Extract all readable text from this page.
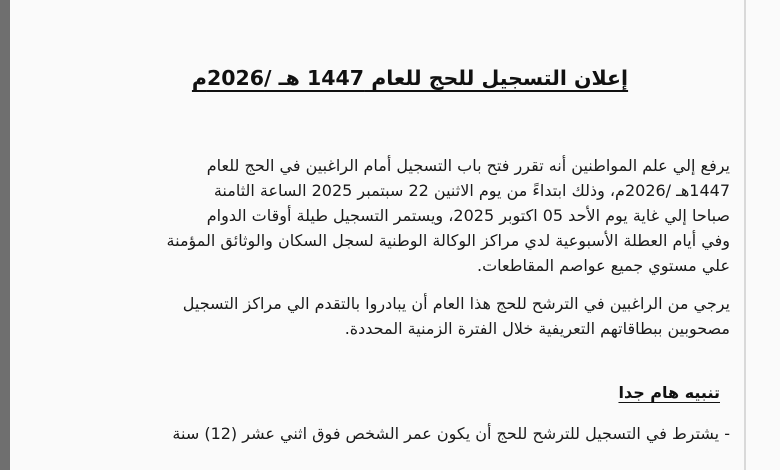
إعلان التسجيل للحج للعام 1447 هـ /2026م
يرفع إلي علم المواطنين أنه تقرر فتح باب التسجيل أمام الراغبين في الحج للعام
1447هـ /2026م، وذلك ابتداءً من يوم الاثنين 22 سبتمبر 2025 الساعة الثامنة
صباحا إلي غاية يوم الأحد 05 اكتوبر 2025، ويستمر التسجيل طيلة أوقات الدوام
وفي أيام العطلة الأسبوعية لدي مراكز الوكالة الوطنية لسجل السكان والوثائق المؤمنة
علي مستوي جميع عواصم المقاطعات.
يرجي من الراغبين في الترشح للحج هذا العام أن يبادروا بالتقدم الي مراكز التسجيل
مصحوبين ببطاقاتهم التعريفية خلال الفترة الزمنية المحددة.
تنبيه هام جدا
- يشترط في التسجيل للترشح للحج أن يكون عمر الشخص فوق اثني عشر (12) سنة
